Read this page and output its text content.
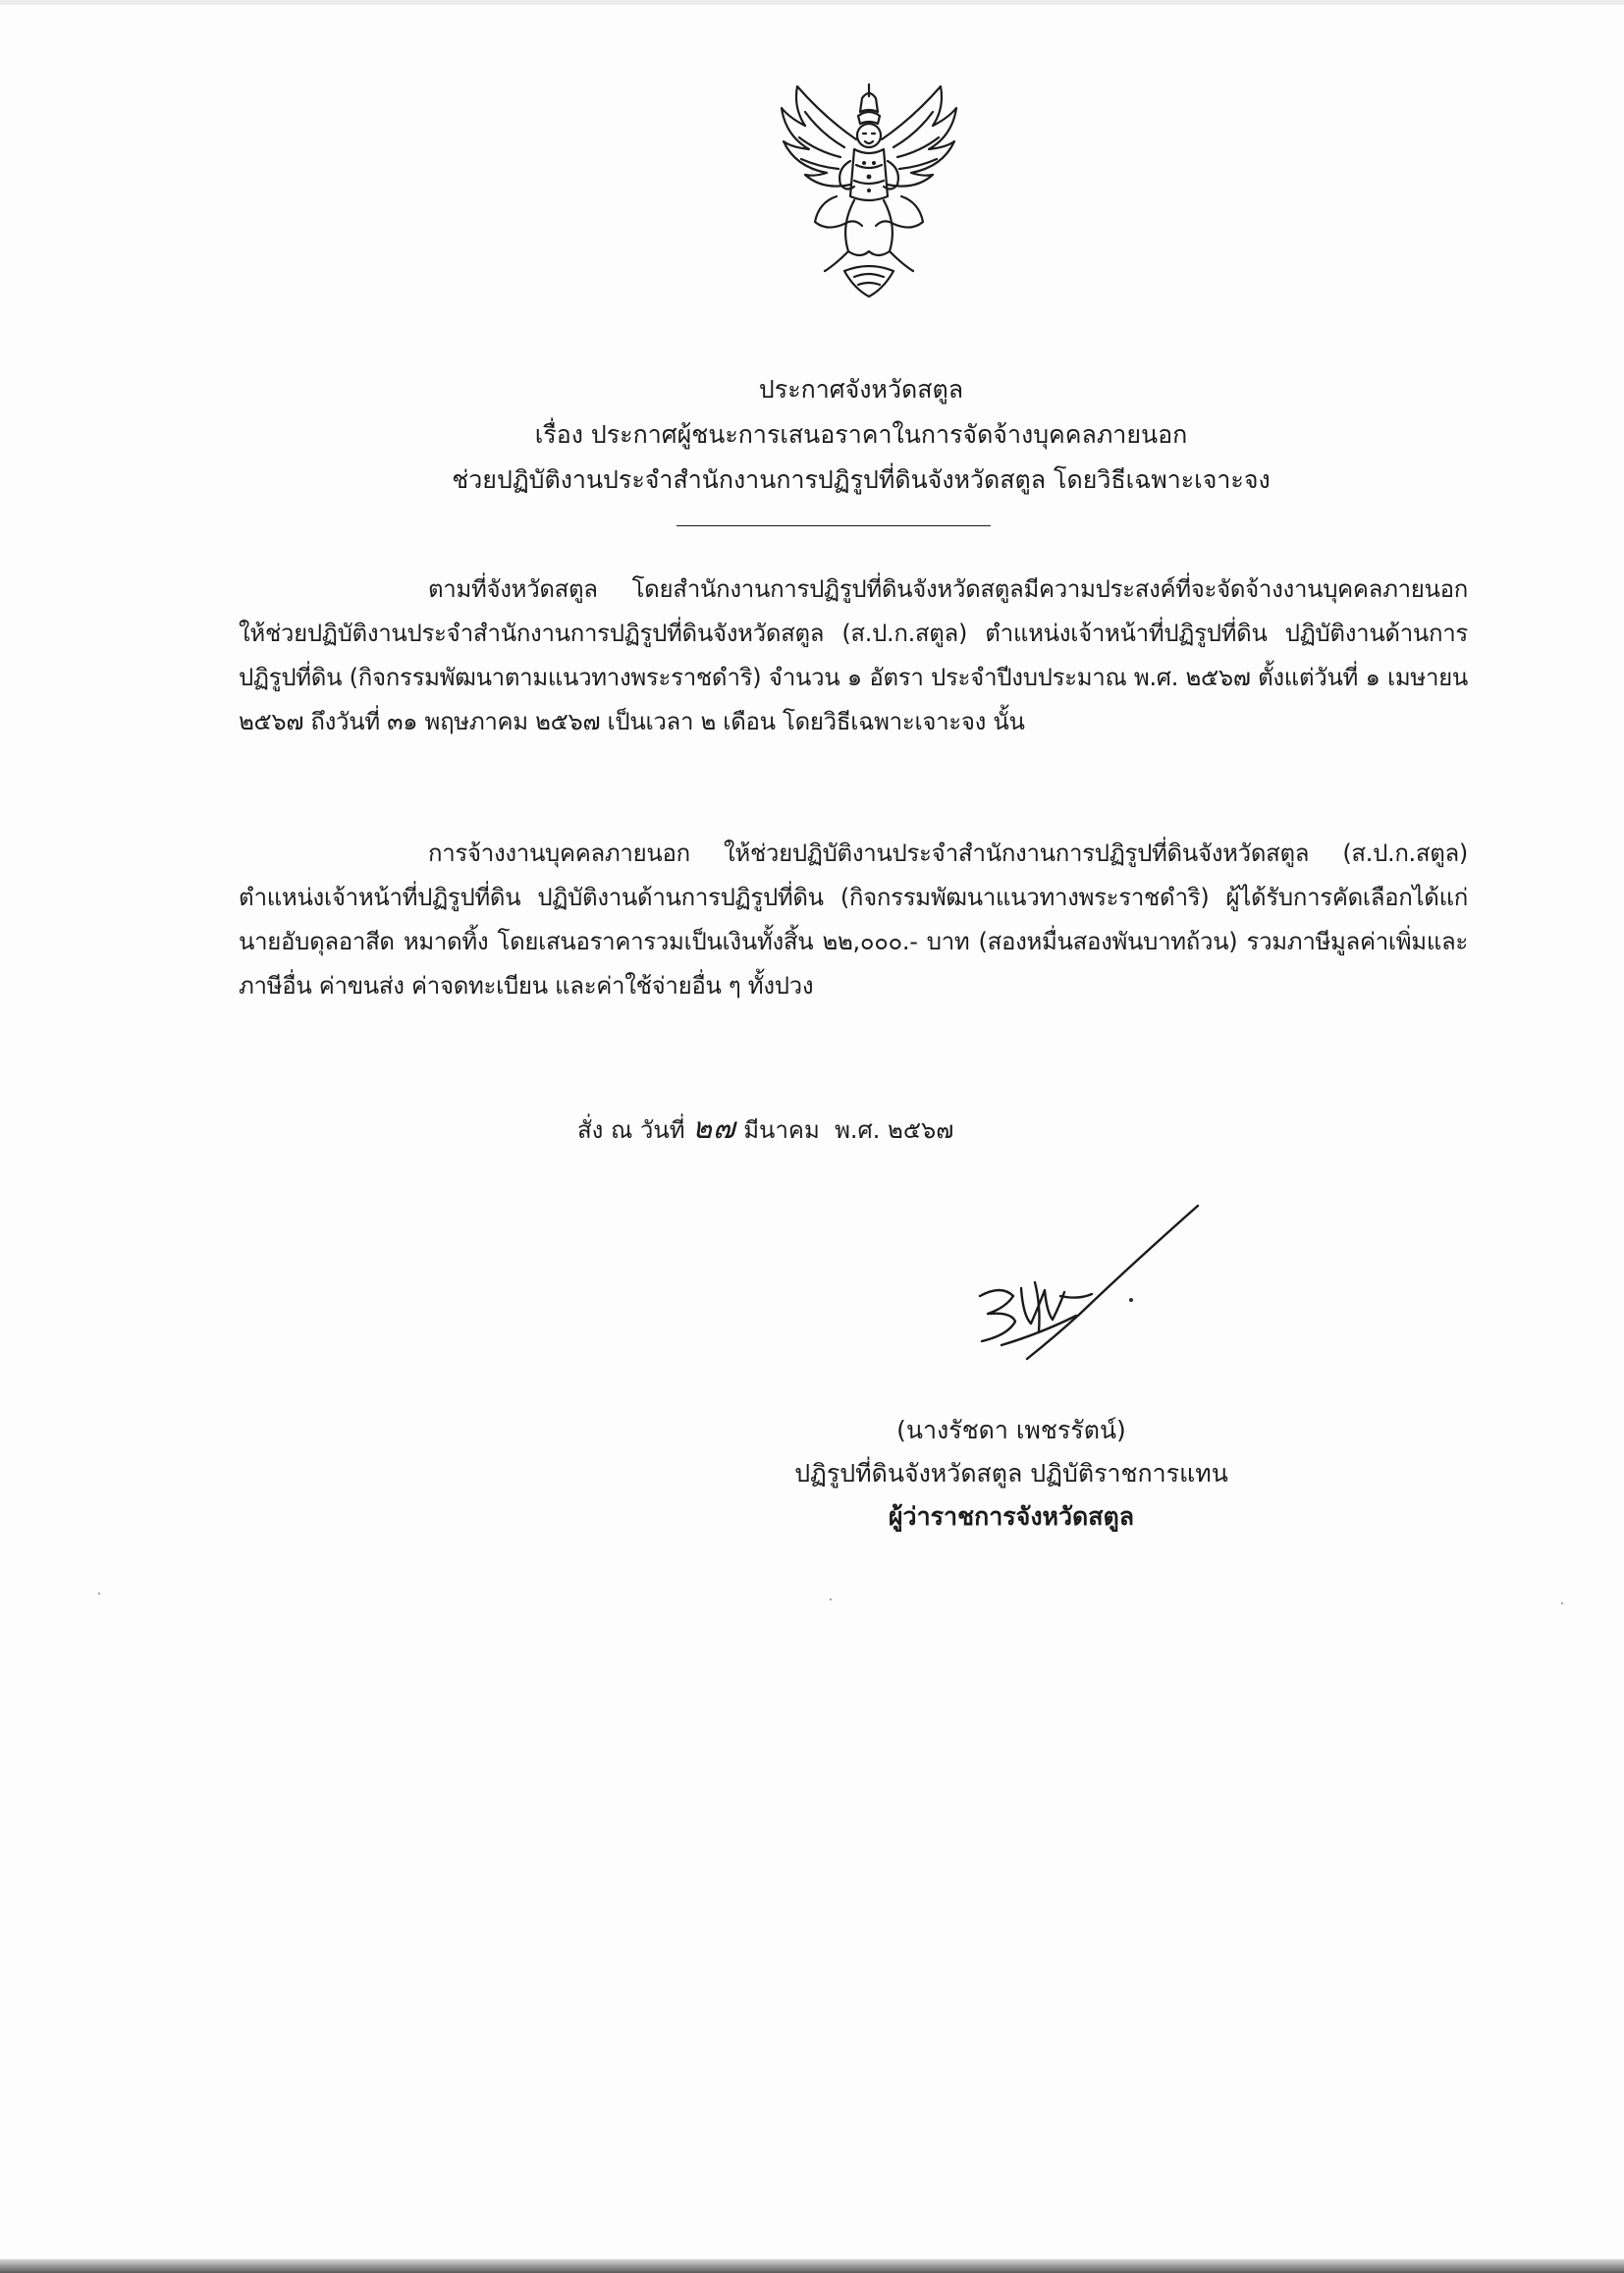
ประกาศจังหวัดสตูล
เรื่อง ประกาศผู้ชนะการเสนอราคาในการจัดจ้างบุคคลภายนอก
ช่วยปฏิบัติงานประจำสำนักงานการปฏิรูปที่ดินจังหวัดสตูล โดยวิธีเฉพาะเจาะจง

ตามที่จังหวัดสตูล โดยสำนักงานการปฏิรูปที่ดินจังหวัดสตูลมีความประสงค์ที่จะจัดจ้างงานบุคคลภายนอก ให้ช่วยปฏิบัติงานประจำสำนักงานการปฏิรูปที่ดินจังหวัดสตูล (ส.ป.ก.สตูล) ตำแหน่งเจ้าหน้าที่ปฏิรูปที่ดิน ปฏิบัติงานด้านการปฏิรูปที่ดิน (กิจกรรมพัฒนาตามแนวทางพระราชดำริ) จำนวน ๑ อัตรา ประจำปีงบประมาณ พ.ศ. ๒๕๖๗ ตั้งแต่วันที่ ๑ เมษายน ๒๕๖๗ ถึงวันที่ ๓๑ พฤษภาคม ๒๕๖๗ เป็นเวลา ๒ เดือน โดยวิธีเฉพาะเจาะจง นั้น

การจ้างงานบุคคลภายนอก ให้ช่วยปฏิบัติงานประจำสำนักงานการปฏิรูปที่ดินจังหวัดสตูล (ส.ป.ก.สตูล) ตำแหน่งเจ้าหน้าที่ปฏิรูปที่ดิน ปฏิบัติงานด้านการปฏิรูปที่ดิน (กิจกรรมพัฒนาแนวทางพระราชดำริ) ผู้ได้รับการคัดเลือกได้แก่ นายอับดุลอาสีด หมาดทิ้ง โดยเสนอราคารวมเป็นเงินทั้งสิ้น ๒๒,๐๐๐.- บาท (สองหมื่นสองพันบาทถ้วน) รวมภาษีมูลค่าเพิ่มและภาษีอื่น ค่าขนส่ง ค่าจดทะเบียน และค่าใช้จ่ายอื่น ๆ ทั้งปวง

สั่ง ณ วันที่ ๒๗ มีนาคม พ.ศ. ๒๕๖๗
(นางรัชดา เพชรรัตน์)
ปฏิรูปที่ดินจังหวัดสตูล ปฏิบัติราชการแทน
ผู้ว่าราชการจังหวัดสตูล
